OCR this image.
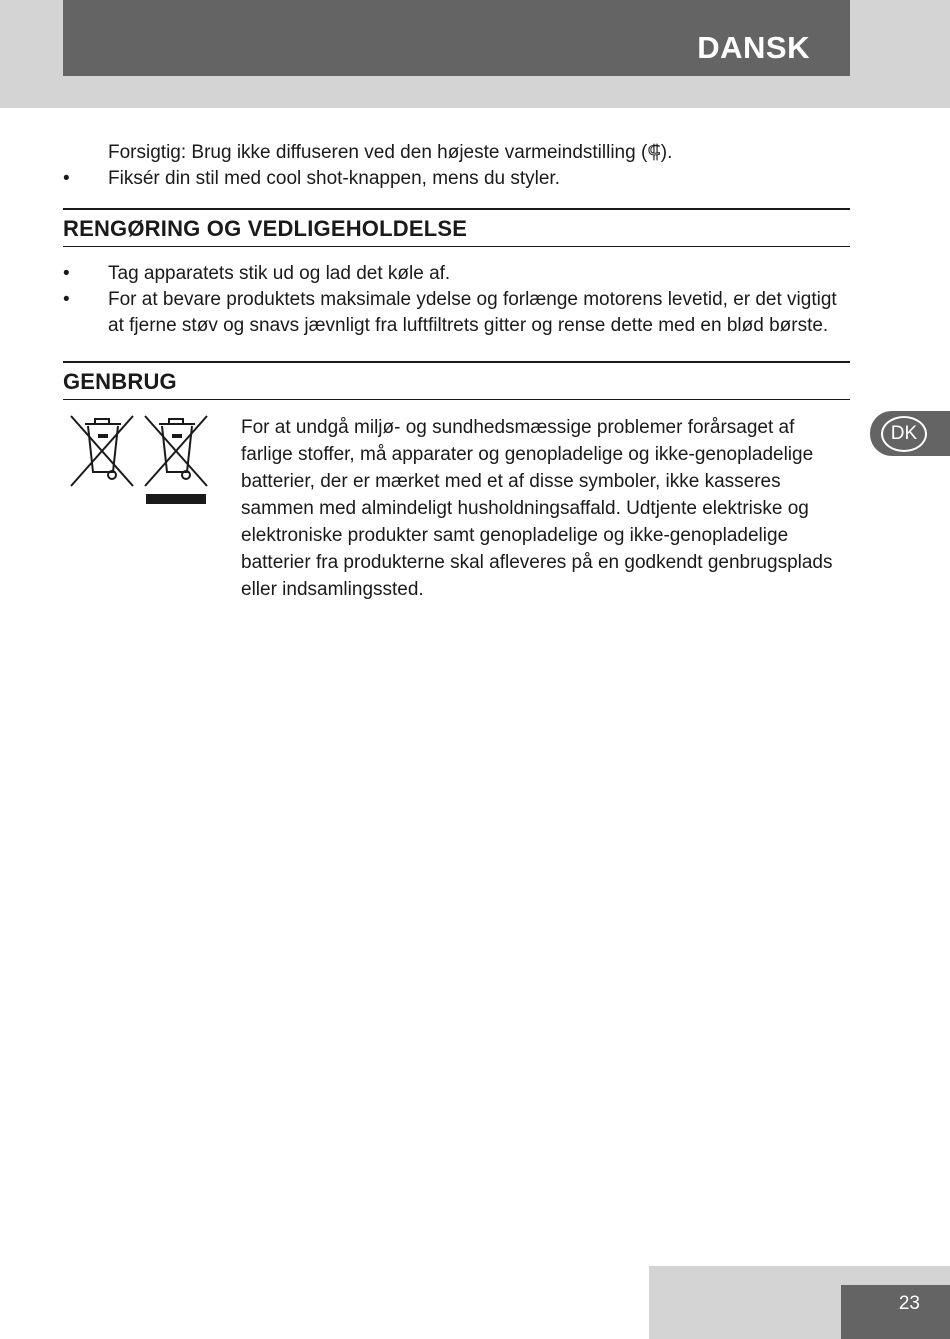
DANSK
Forsigtig: Brug ikke diffuseren ved den højeste varmeindstilling (⸿).
• Fiksér din stil med cool shot-knappen, mens du styler.
RENGØRING OG VEDLIGEHOLDELSE
• Tag apparatets stik ud og lad det køle af.
• For at bevare produktets maksimale ydelse og forlænge motorens levetid, er det vigtigt at fjerne støv og snavs jævnligt fra luftfiltrets gitter og rense dette med en blød børste.
GENBRUG
For at undgå miljø- og sundhedsmæssige problemer forårsaget af farlige stoffer, må apparater og genopladelige og ikke-genopladelige batterier, der er mærket med et af disse symboler, ikke kasseres sammen med almindeligt husholdningsaffald. Udtjente elektriske og elektroniske produkter samt genopladelige og ikke-genopladelige batterier fra produkterne skal afleveres på en godkendt genbrugsplads eller indsamlingssted.
DK
23
